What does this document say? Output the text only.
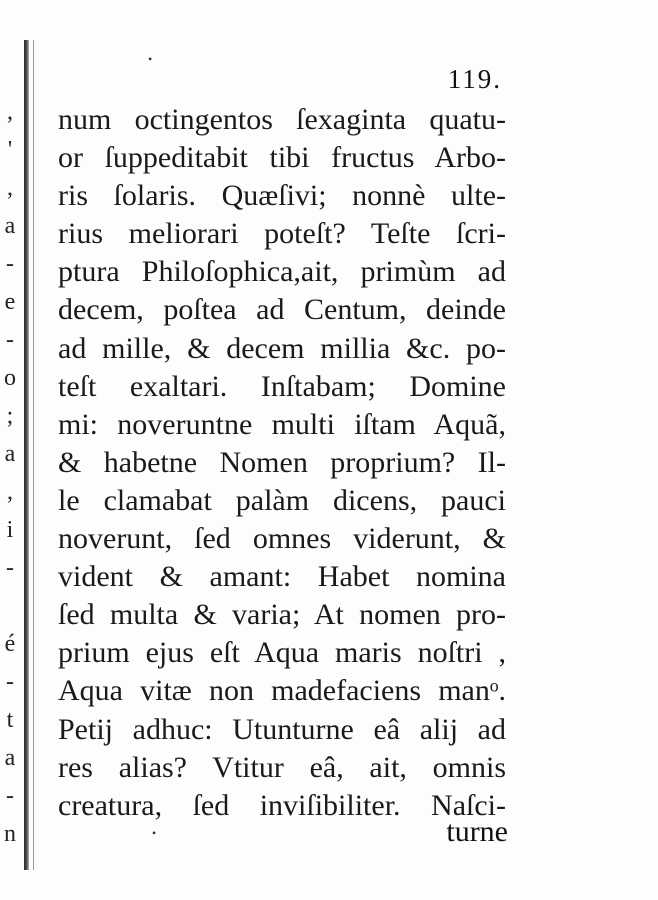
,
'
,
a
-
e
-
o
;
a
,
i
-
é
-
t
a
-
n
•
•
119.
num octingentos ſexaginta quatu-
or ſuppeditabit tibi fructus Arbo-
ris ſolaris. Quæſivi; nonnè ulte-
rius meliorari poteſt? Teſte ſcri-
ptura Philoſophica,ait, primùm ad
decem, poſtea ad Centum, deinde
ad mille, & decem millia &c. po-
teſt exaltari. Inſtabam; Domine
mi: noveruntne multi iſtam Aquã,
& habetne Nomen proprium? Il-
le clamabat palàm dicens, pauci
noverunt, ſed omnes viderunt, &
vident & amant: Habet nomina
ſed multa & varia; At nomen pro-
prium ejus eſt Aqua maris noſtri ,
Aqua vitæ non madefaciens manᵒ.
Petij adhuc: Utunturne eâ alij ad
res alias? Vtitur eâ, ait, omnis
creatura, ſed inviſibiliter. Naſci-
turne
